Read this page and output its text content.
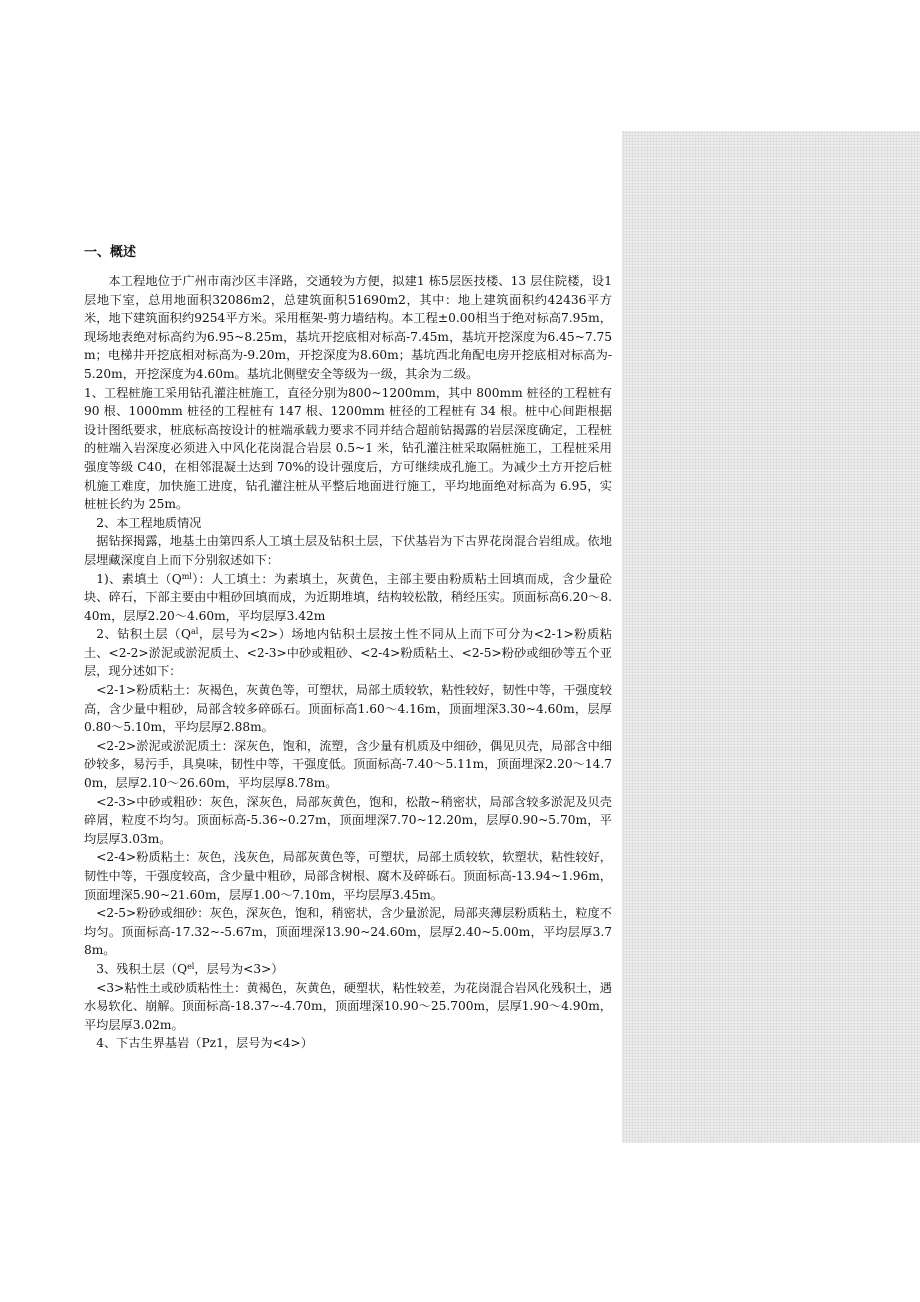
一、概述

本工程地位于广州市南沙区丰泽路，交通较为方便，拟建1 栋5层医技楼、13 层住院楼，设1 层地下室，总用地面积32086m2，总建筑面积51690m2，其中：地上建筑面积约42436平方米，地下建筑面积约9254平方米。采用框架-剪力墙结构。本工程±0.00相当于绝对标高7.95m，现场地表绝对标高约为6.95~8.25m，基坑开挖底相对标高-7.45m，基坑开挖深度为6.45~7.75m；电梯井开挖底相对标高为-9.20m，开挖深度为8.60m；基坑西北角配电房开挖底相对标高为-5.20m，开挖深度为4.60m。基坑北侧壁安全等级为一级，其余为二级。

1、工程桩施工采用钻孔灌注桩施工，直径分别为800~1200mm，其中 800mm 桩径的工程桩有 90 根、1000mm 桩径的工程桩有 147 根、1200mm 桩径的工程桩有 34 根。桩中心间距根据设计图纸要求，桩底标高按设计的桩端承载力要求不同并结合超前钻揭露的岩层深度确定，工程桩的桩端入岩深度必须进入中风化花岗混合岩层 0.5~1 米，钻孔灌注桩采取隔桩施工，工程桩采用强度等级 C40，在相邻混凝土达到 70%的设计强度后，方可继续成孔施工。为减少土方开挖后桩机施工难度，加快施工进度，钻孔灌注桩从平整后地面进行施工，平均地面绝对标高为 6.95，实桩桩长约为 25m。

2、本工程地质情况

据钻探揭露，地基土由第四系人工填土层及钻积土层，下伏基岩为下古界花岗混合岩组成。依地层埋藏深度自上而下分别叙述如下：

1)、素填土$(Q^{ml})$：人工填土：为素填土，灰黄色，主部主要由粉质粘土回填而成，含少量砼块、碎石，下部主要由中粗砂回填而成，为近期堆填，结构较松散，稍经压实。顶面标高6.20～8.40m，层厚2.20～4.60m，平均层厚3.42m

2、钻积土层（$Q^{al}$，层号为<2>）场地内钻积土层按土性不同从上而下可分为<2-1>粉质粘土、<2-2>淤泥或淤泥质土、<2-3>中砂或粗砂、<2-4>粉质粘土、<2-5>粉砂或细砂等五个亚层，现分述如下：

<2-1>粉质粘土：灰褐色，灰黄色等，可塑状，局部土质较软，粘性较好，韧性中等，干强度较高，含少量中粗砂，局部含较多碎砾石。顶面标高1.60～4.16m，顶面埋深3.30~4.60m，层厚0.80～5.10m，平均层厚2.88m。

<2-2>淤泥或淤泥质土：深灰色，饱和，流塑，含少量有机质及中细砂，偶见贝壳，局部含中细砂较多，易污手，具臭味，韧性中等，干强度低。顶面标高-7.40～5.11m，顶面埋深2.20～14.70m，层厚2.10～26.60m，平均层厚8.78m。

<2-3>中砂或粗砂：灰色，深灰色，局部灰黄色，饱和，松散~稍密状，局部含较多淤泥及贝壳碎屑，粒度不均匀。顶面标高-5.36~0.27m，顶面埋深7.70~12.20m，层厚0.90~5.70m，平均层厚3.03m。

<2-4>粉质粘土：灰色，浅灰色，局部灰黄色等，可塑状，局部土质较软，软塑状，粘性较好，韧性中等，干强度较高，含少量中粗砂，局部含树根、腐木及碎砾石。顶面标高-13.94~1.96m，顶面埋深5.90~21.60m，层厚1.00～7.10m，平均层厚3.45m。

<2-5>粉砂或细砂：灰色，深灰色，饱和，稍密状，含少量淤泥，局部夹薄层粉质粘土，粒度不均匀。顶面标高-17.32~-5.67m，顶面埋深13.90~24.60m，层厚2.40~5.00m，平均层厚3.78m。

3、残积土层（$Q^{el}$，层号为<3>）

<3>粘性土或砂质粘性土：黄褐色，灰黄色，硬塑状，粘性较差，为花岗混合岩风化残积土，遇水易软化、崩解。顶面标高-18.37~-4.70m，顶面埋深10.90～25.700m，层厚1.90～4.90m，平均层厚3.02m。

4、下古生界基岩（Pz1，层号为<4>）
